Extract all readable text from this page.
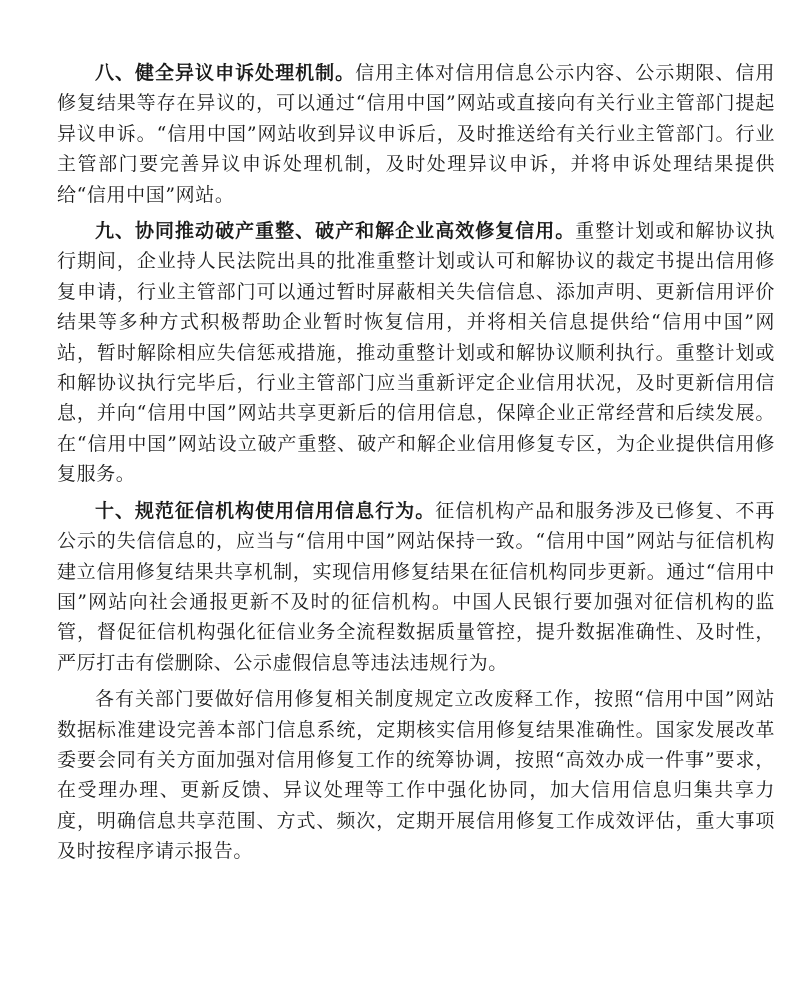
八、健全异议申诉处理机制。信用主体对信用信息公示内容、公示期限、信用修复结果等存在异议的，可以通过“信用中国”网站或直接向有关行业主管部门提起异议申诉。“信用中国”网站收到异议申诉后，及时推送给有关行业主管部门。行业主管部门要完善异议申诉处理机制，及时处理异议申诉，并将申诉处理结果提供给“信用中国”网站。

九、协同推动破产重整、破产和解企业高效修复信用。重整计划或和解协议执行期间，企业持人民法院出具的批准重整计划或认可和解协议的裁定书提出信用修复申请，行业主管部门可以通过暂时屏蔽相关失信信息、添加声明、更新信用评价结果等多种方式积极帮助企业暂时恢复信用，并将相关信息提供给“信用中国”网站，暂时解除相应失信惩戒措施，推动重整计划或和解协议顺利执行。重整计划或和解协议执行完毕后，行业主管部门应当重新评定企业信用状况，及时更新信用信息，并向“信用中国”网站共享更新后的信用信息，保障企业正常经营和后续发展。在“信用中国”网站设立破产重整、破产和解企业信用修复专区，为企业提供信用修复服务。

十、规范征信机构使用信用信息行为。征信机构产品和服务涉及已修复、不再公示的失信信息的，应当与“信用中国”网站保持一致。“信用中国”网站与征信机构建立信用修复结果共享机制，实现信用修复结果在征信机构同步更新。通过“信用中国”网站向社会通报更新不及时的征信机构。中国人民银行要加强对征信机构的监管，督促征信机构强化征信业务全流程数据质量管控，提升数据准确性、及时性，严厉打击有偿删除、公示虚假信息等违法违规行为。

各有关部门要做好信用修复相关制度规定立改废释工作，按照“信用中国”网站数据标准建设完善本部门信息系统，定期核实信用修复结果准确性。国家发展改革委要会同有关方面加强对信用修复工作的统筹协调，按照“高效办成一件事”要求，在受理办理、更新反馈、异议处理等工作中强化协同，加大信用信息归集共享力度，明确信息共享范围、方式、频次，定期开展信用修复工作成效评估，重大事项及时按程序请示报告。
